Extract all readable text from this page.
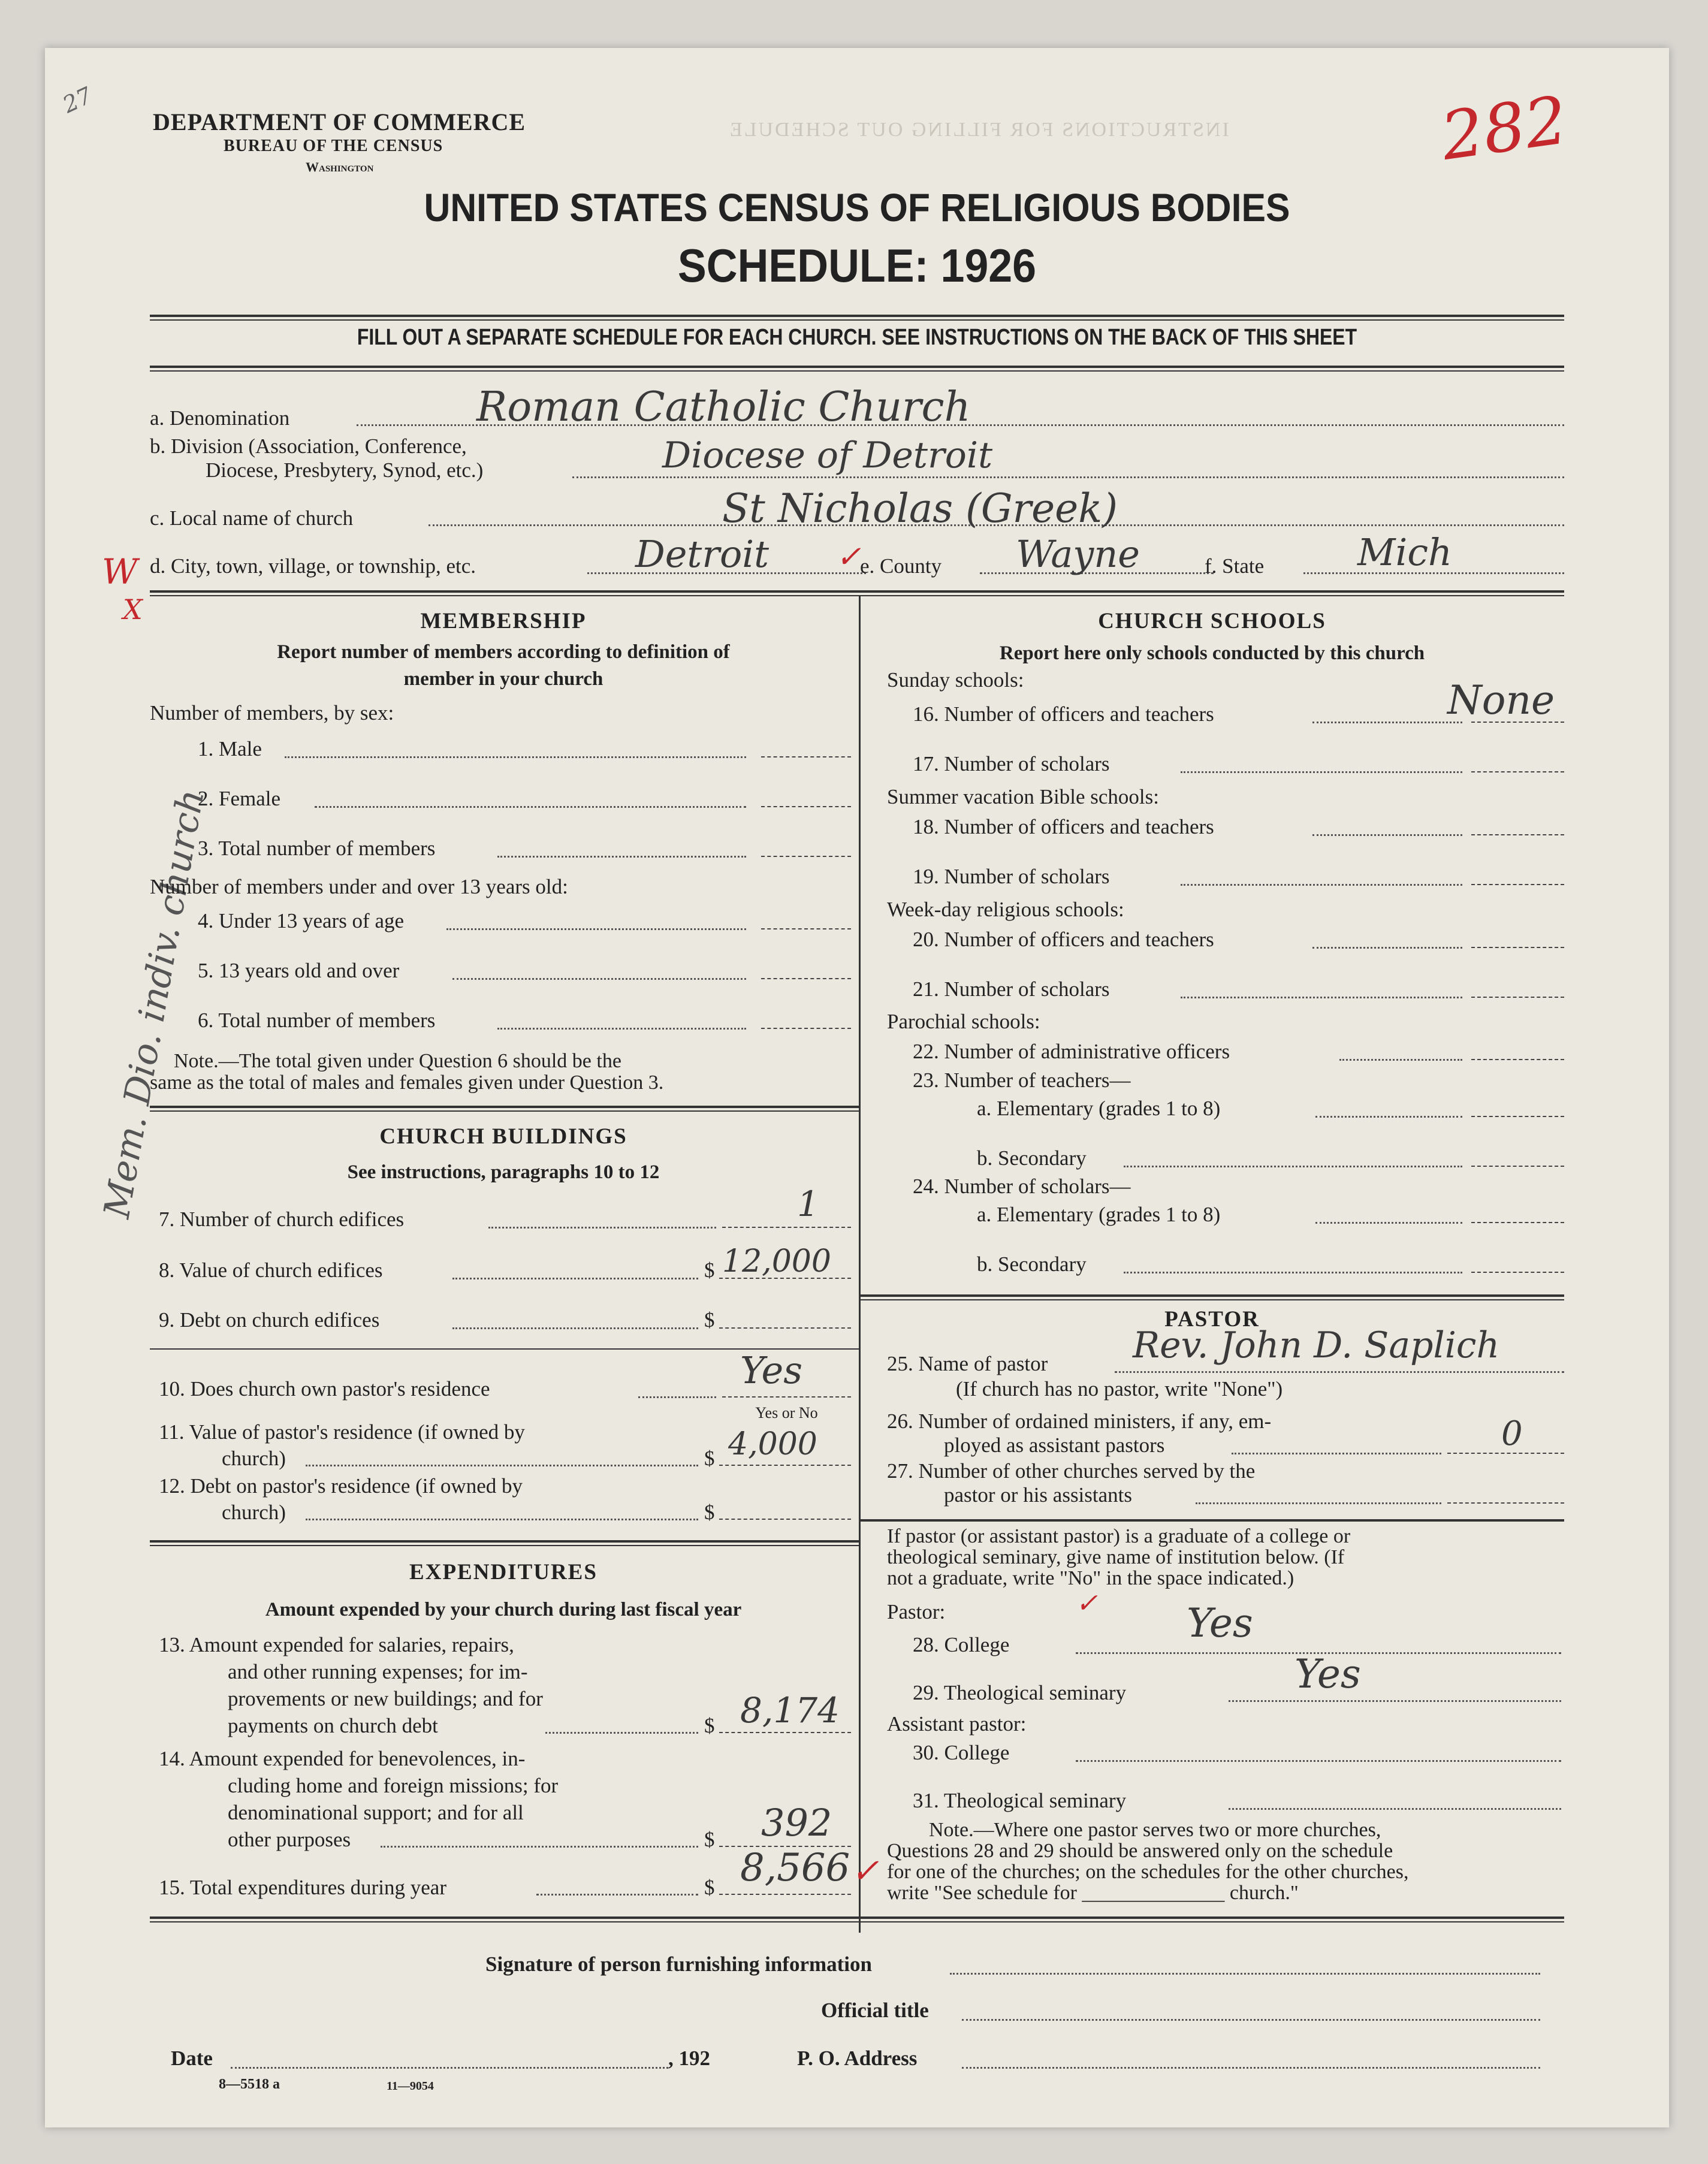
27
DEPARTMENT OF COMMERCE
BUREAU OF THE CENSUS
Washington
INSTRUCTIONS FOR FILLING OUT SCHEDULE	282
UNITED STATES CENSUS OF RELIGIOUS BODIES
SCHEDULE: 1926
FILL OUT A SEPARATE SCHEDULE FOR EACH CHURCH. SEE INSTRUCTIONS ON THE BACK OF THIS SHEET
a. Denomination	Roman Catholic Church
b. Division (Association, Conference,
Diocese, Presbytery, Synod, etc.)	Diocese of Detroit
c. Local name of church	St Nicholas (Greek)
W
X
d. City, town, village, or township, etc.	Detroit ✓
e. County Wayne	f. State	Mich
Mem. Dio. indiv. church
MEMBERSHIP
Report number of members according to definition of
member in your church
Number of members, by sex:
1. Male
2. Female
3. Total number of members
Number of members under and over 13 years old:
4. Under 13 years of age
5. 13 years old and over
6. Total number of members
Note.—The total given under Question 6 should be the
same as the total of males and females given under Question 3.
CHURCH BUILDINGS
See instructions, paragraphs 10 to 12
7. Number of church edifices	1
8. Value of church edifices	$ 12,000
9. Debt on church edifices	$
10. Does church own pastor's residence	Yes
Yes or No
11. Value of pastor's residence (if owned by
church)	$ 4,000
12. Debt on pastor's residence (if owned by
church)	$
EXPENDITURES
Amount expended by your church during last fiscal year
13. Amount expended for salaries, repairs,
and other running expenses; for im-
provements or new buildings; and for
payments on church debt	$ 8,174
14. Amount expended for benevolences, in-
cluding home and foreign missions; for
denominational support; and for all
other purposes	$ 392
15. Total expenditures during year	$ 8,566 ✓
CHURCH SCHOOLS
Report here only schools conducted by this church
Sunday schools:
16. Number of officers and teachers	None
17. Number of scholars
Summer vacation Bible schools:
18. Number of officers and teachers
19. Number of scholars
Week-day religious schools:
20. Number of officers and teachers
21. Number of scholars
Parochial schools:
22. Number of administrative officers
23. Number of teachers—
a. Elementary (grades 1 to 8)
b. Secondary
24. Number of scholars—
a. Elementary (grades 1 to 8)
b. Secondary
PASTOR
25. Name of pastor Rev. John D. Saplich
(If church has no pastor, write "None")
26. Number of ordained ministers, if any, em-
ployed as assistant pastors	0
27. Number of other churches served by the
pastor or his assistants
If pastor (or assistant pastor) is a graduate of a college or
theological seminary, give name of institution below. (If
not a graduate, write "No" in the space indicated.)
Pastor:	✓
28. College	Yes
29. Theological seminary	Yes
Assistant pastor:
30. College
31. Theological seminary
Note.—Where one pastor serves two or more churches,
Questions 28 and 29 should be answered only on the schedule
for one of the churches; on the schedules for the other churches,
write "See schedule for ______________ church."
Signature of person furnishing information
Official title
Date	, 192	P. O. Address
8—5518 a	11—9054
